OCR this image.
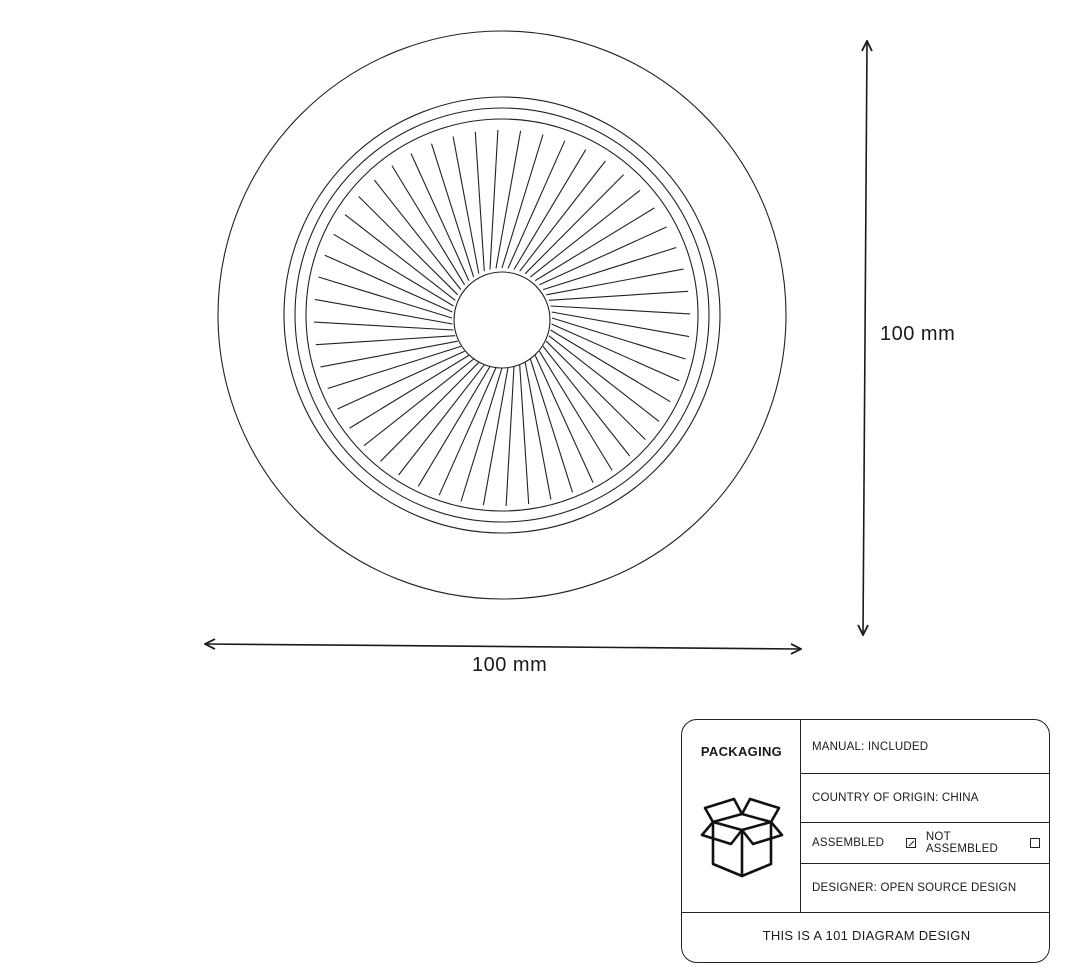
100 mm
100 mm
PACKAGING	MANUAL: INCLUDED
COUNTRY OF ORIGIN: CHINA
ASSEMBLED	NOT ASSEMBLED
DESIGNER: OPEN SOURCE DESIGN
THIS IS A 101 DIAGRAM DESIGN
